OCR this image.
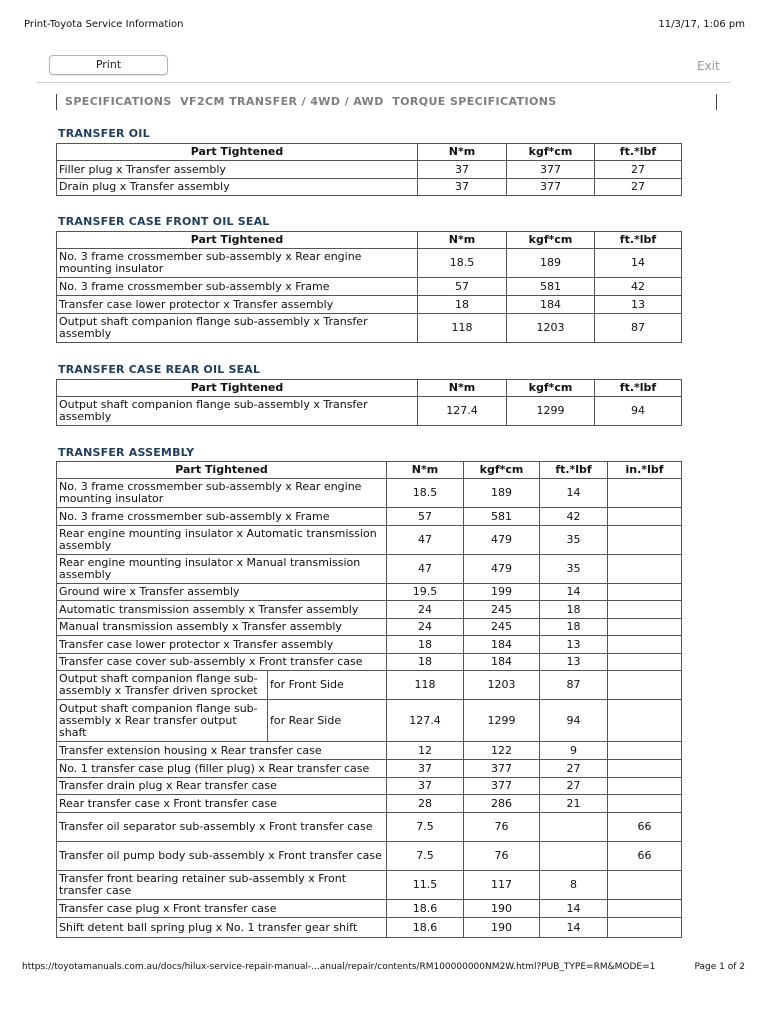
Print-Toyota Service Information	11/3/17, 1:06 pm
Print	Exit
SPECIFICATIONS  VF2CM TRANSFER / 4WD / AWD  TORQUE SPECIFICATIONS
TRANSFER OIL
Part Tightened	N*m	kgf*cm	ft.*lbf
Filler plug x Transfer assembly	37	377	27
Drain plug x Transfer assembly	37	377	27
TRANSFER CASE FRONT OIL SEAL
Part Tightened	N*m	kgf*cm	ft.*lbf
No. 3 frame crossmember sub-assembly x Rear engine mounting insulator	18.5	189	14
No. 3 frame crossmember sub-assembly x Frame	57	581	42
Transfer case lower protector x Transfer assembly	18	184	13
Output shaft companion flange sub-assembly x Transfer assembly	118	1203	87
TRANSFER CASE REAR OIL SEAL
Part Tightened	N*m	kgf*cm	ft.*lbf
Output shaft companion flange sub-assembly x Transfer assembly	127.4	1299	94
TRANSFER ASSEMBLY
Part Tightened		N*m	kgf*cm	ft.*lbf	in.*lbf
No. 3 frame crossmember sub-assembly x Rear engine mounting insulator		18.5	189	14	
No. 3 frame crossmember sub-assembly x Frame		57	581	42	
Rear engine mounting insulator x Automatic transmission assembly		47	479	35	
Rear engine mounting insulator x Manual transmission assembly		47	479	35	
Ground wire x Transfer assembly		19.5	199	14	
Automatic transmission assembly x Transfer assembly		24	245	18	
Manual transmission assembly x Transfer assembly		24	245	18	
Transfer case lower protector x Transfer assembly		18	184	13	
Transfer case cover sub-assembly x Front transfer case		18	184	13	
Output shaft companion flange sub-assembly x Transfer driven sprocket	for Front Side	118	1203	87	
Output shaft companion flange sub-assembly x Rear transfer output shaft	for Rear Side	127.4	1299	94	
Transfer extension housing x Rear transfer case		12	122	9	
No. 1 transfer case plug (filler plug) x Rear transfer case		37	377	27	
Transfer drain plug x Rear transfer case		37	377	27	
Rear transfer case x Front transfer case		28	286	21	
Transfer oil separator sub-assembly x Front transfer case		7.5	76		66
Transfer oil pump body sub-assembly x Front transfer case		7.5	76		66
Transfer front bearing retainer sub-assembly x Front transfer case		11.5	117	8	
Transfer case plug x Front transfer case		18.6	190	14	
Shift detent ball spring plug x No. 1 transfer gear shift		18.6	190	14	
https://toyotamanuals.com.au/docs/hilux-service-repair-manual-...anual/repair/contents/RM100000000NM2W.html?PUB_TYPE=RM&MODE=1	Page 1 of 2
